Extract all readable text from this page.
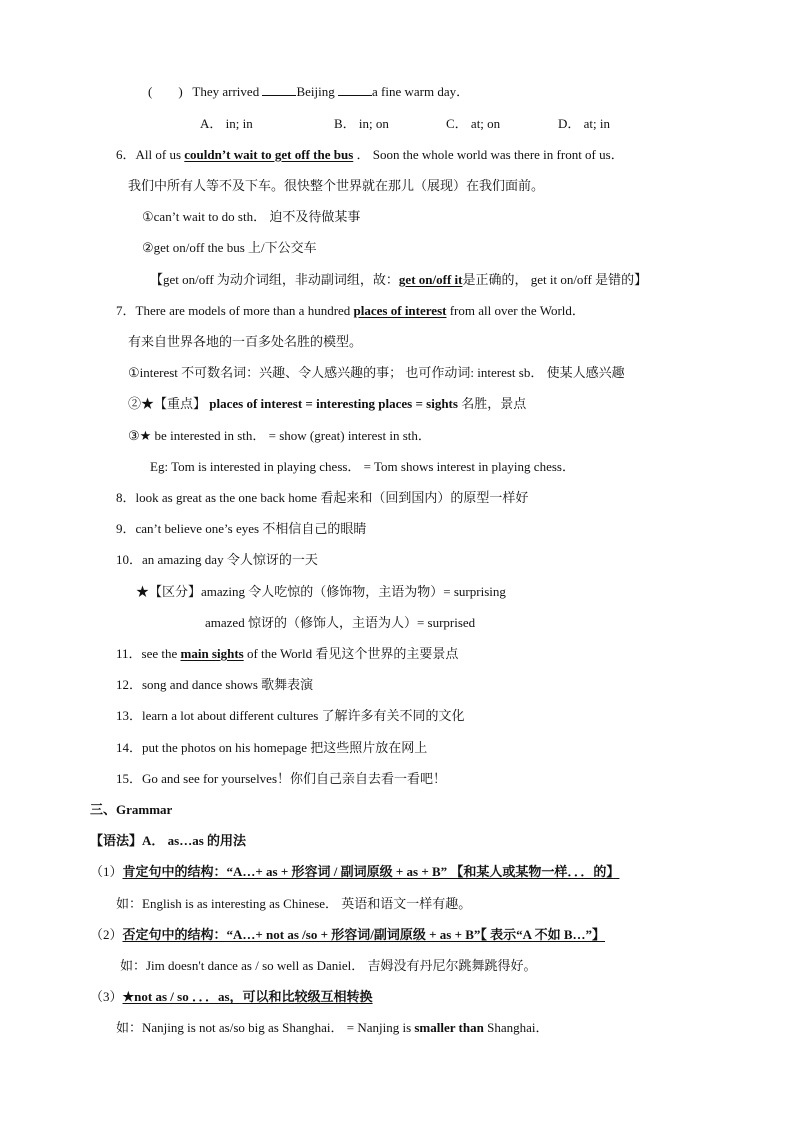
(　　) They arrived	Beijing	a fine warm day．
A． in; in	B． in; on	C． at; on	D． at; in
6．All of us couldn’t wait to get off the bus ． Soon the whole world was there in front of us．
我们中所有人等不及下车。很快整个世界就在那儿（展现）在我们面前。
①can’t wait to do sth． 迫不及待做某事
②get on/off the bus 上/下公交车
【get on/off 为动介词组，非动副词组，故：get on/off it是正确的， get it on/off 是错的】
7．There are models of more than a hundred places of interest from all over the World．
有来自世界各地的一百多处名胜的模型。
①interest 不可数名词：兴趣、令人感兴趣的事； 也可作动词: interest sb． 使某人感兴趣
②★【重点】 places of interest = interesting places = sights 名胜，景点
③★ be interested in sth． = show (great) interest in sth．
Eg: Tom is interested in playing chess． = Tom shows interest in playing chess．
8．look as great as the one back home 看起来和（回到国内）的原型一样好
9．can’t believe one’s eyes 不相信自己的眼睛
10．an amazing day 令人惊讶的一天
★【区分】amazing 令人吃惊的（修饰物，主语为物）= surprising
amazed 惊讶的（修饰人，主语为人）= surprised
11．see the main sights of the World 看见这个世界的主要景点
12．song and dance shows 歌舞表演
13．learn a lot about different cultures 了解许多有关不同的文化
14．put the photos on his homepage 把这些照片放在网上
15．Go and see for yourselves！你们自己亲自去看一看吧！
三、Grammar
【语法】A． as…as 的用法
（1）肯定句中的结构：“A…+ as + 形容词 / 副词原级 + as + B” 【和某人或某物一样．．．的】
如：English is as interesting as Chinese． 英语和语文一样有趣。
（2）否定句中的结构：“A…+ not as /so + 形容词/副词原级 + as + B”【 表示“A 不如 B…”】
如：Jim doesn't dance as / so well as Daniel． 吉姆没有丹尼尔跳舞跳得好。
（3）★not as / so ．．．as，可以和比较级互相转换
如：Nanjing is not as/so big as Shanghai． = Nanjing is smaller than Shanghai．
